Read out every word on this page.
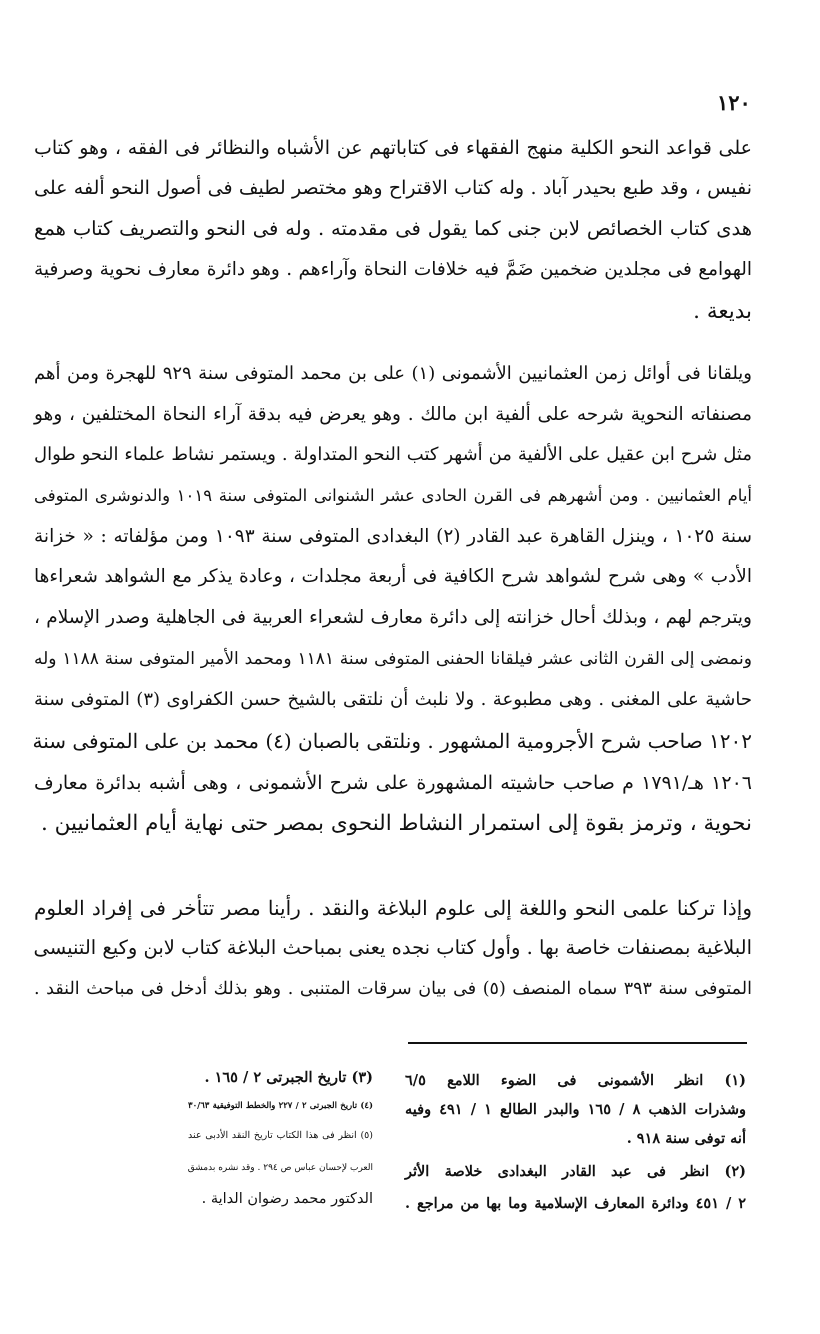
١٢٠
على قواعد النحو الكلية منهج الفقهاء فى كتاباتهم عن الأشباه والنظائر فى الفقه ، وهو كتاب
نفيس ، وقد طبع بحيدر آباد . وله كتاب الاقتراح وهو مختصر لطيف فى أصول النحو ألفه على
هدى كتاب الخصائص لابن جنى كما يقول فى مقدمته . وله فى النحو والتصريف كتاب همع
الهوامع فى مجلدين ضخمين ضَمَّ فيه خلافات النحاة وآراءهم . وهو دائرة معارف نحوية وصرفية
بديعة .
ويلقانا فى أوائل زمن العثمانيين الأشمونى (١) على بن محمد المتوفى سنة ٩٢٩ للهجرة ومن أهم
مصنفاته النحوية شرحه على ألفية ابن مالك . وهو يعرض فيه بدقة آراء النحاة المختلفين ، وهو
مثل شرح ابن عقيل على الألفية من أشهر كتب النحو المتداولة . ويستمر نشاط علماء النحو طوال
أيام العثمانيين . ومن أشهرهم فى القرن الحادى عشر الشنوانى المتوفى سنة ١٠١٩ والدنوشرى المتوفى
سنة ١٠٢٥ ، وينزل القاهرة عبد القادر (٢) البغدادى المتوفى سنة ١٠٩٣ ومن مؤلفاته : « خزانة
الأدب » وهى شرح لشواهد شرح الكافية فى أربعة مجلدات ، وعادة يذكر مع الشواهد شعراءها
ويترجم لهم ، وبذلك أحال خزانته إلى دائرة معارف لشعراء العربية فى الجاهلية وصدر الإسلام ،
ونمضى إلى القرن الثانى عشر فيلقانا الحفنى المتوفى سنة ١١٨١ ومحمد الأمير المتوفى سنة ١١٨٨ وله
حاشية على المغنى . وهى مطبوعة . ولا نلبث أن نلتقى بالشيخ حسن الكفراوى (٣) المتوفى سنة
١٢٠٢ صاحب شرح الأجرومية المشهور . ونلتقى بالصبان (٤) محمد بن على المتوفى سنة
١٢٠٦ هـ/١٧٩١ م صاحب حاشيته المشهورة على شرح الأشمونى ، وهى أشبه بدائرة معارف
نحوية ، وترمز بقوة إلى استمرار النشاط النحوى بمصر حتى نهاية أيام العثمانيين .
وإذا تركنا علمى النحو واللغة إلى علوم البلاغة والنقد . رأينا مصر تتأخر فى إفراد العلوم
البلاغية بمصنفات خاصة بها . وأول كتاب نجده يعنى بمباحث البلاغة كتاب لابن وكيع التنيسى
المتوفى سنة ٣٩٣ سماه المنصف (٥) فى بيان سرقات المتنبى . وهو بذلك أدخل فى مباحث النقد .
(١) انظر الأشمونى فى الضوء اللامع ٦/٥
وشذرات الذهب ٨ / ١٦٥ والبدر الطالع ١ / ٤٩١ وفيه
أنه توفى سنة ٩١٨ .
(٢) انظر فى عبد القادر البغدادى خلاصة الأثر
٢ / ٤٥١ ودائرة المعارف الإسلامية وما بها من مراجع .
(٣) تاريخ الجبرتى ٢ / ١٦٥ .
(٤) تاريخ الجبرتى ٢ / ٢٢٧ والخطط التوفيقية ٣٠/٦٣
(٥) انظر فى هذا الكتاب تاريخ النقد الأدبى عند
العرب لإحسان عباس ص ٢٩٤ . وقد نشره بدمشق
الدكتور محمد رضوان الداية .
